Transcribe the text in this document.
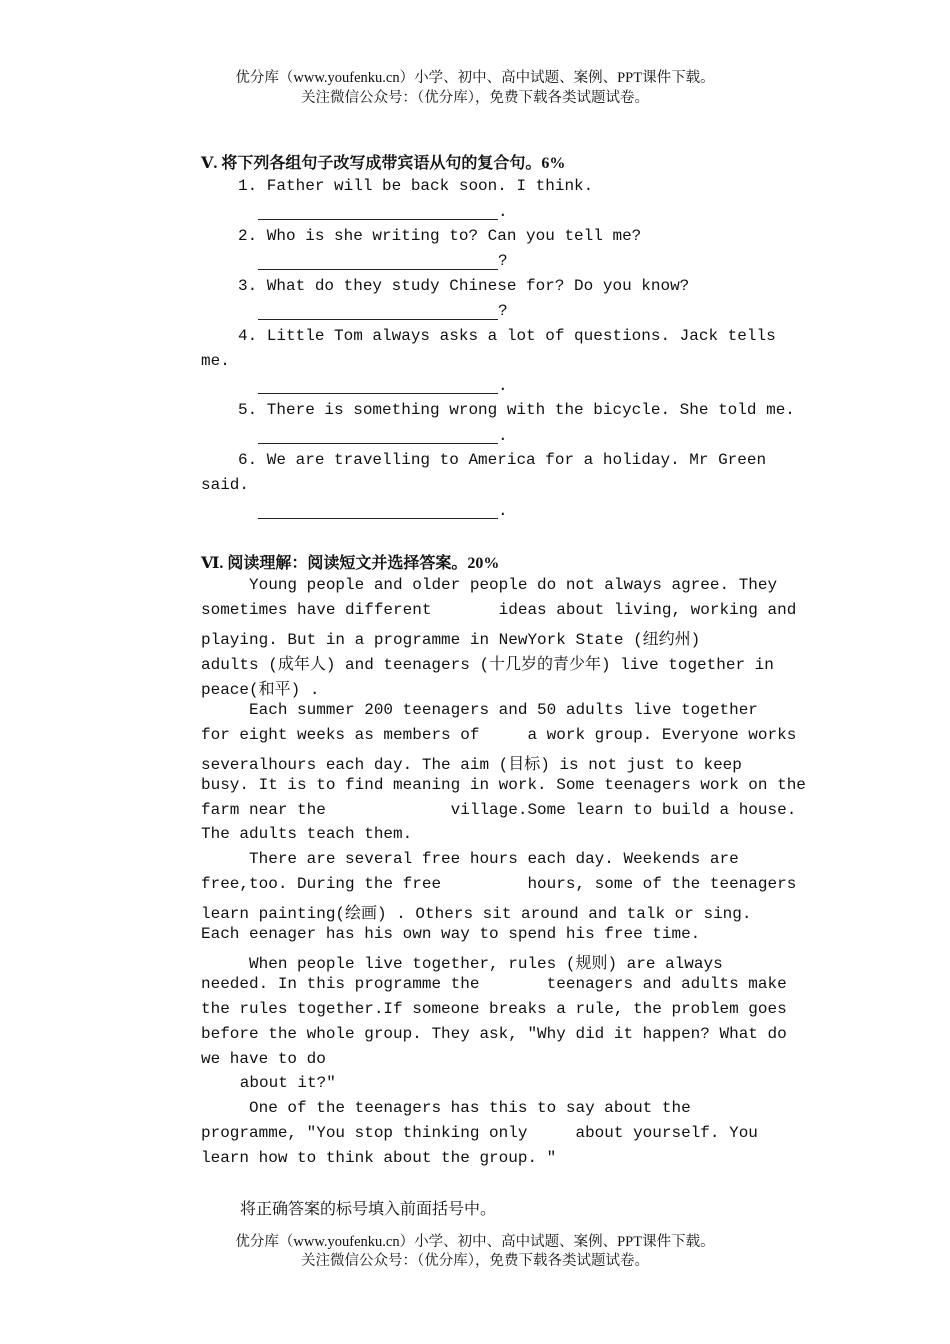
优分库（www.youfenku.cn）小学、初中、高中试题、案例、PPT课件下载。
关注微信公众号：（优分库），免费下载各类试题试卷。
Ⅴ. 将下列各组句子改写成带宾语从句的复合句。6%
1. Father will be back soon. I think.
.
2. Who is she writing to? Can you tell me?
?
3. What do they study Chinese for? Do you know?
?
4. Little Tom always asks a lot of questions. Jack tells
me.
.
5. There is something wrong with the bicycle. She told me.
.
6. We are travelling to America for a holiday. Mr Green
said.
.
Ⅵ. 阅读理解：阅读短文并选择答案。20%
Young people and older people do not always agree. They
sometimes have different       ideas about living, working and
playing. But in a programme in NewYork State (纽约州)
adults (成年人) and teenagers (十几岁的青少年) live together in
peace(和平) .
Each summer 200 teenagers and 50 adults live together
for eight weeks as members of     a work group. Everyone works
severalhours each day. The aim (目标) is not just to keep
busy. It is to find meaning in work. Some teenagers work on the
farm near the             village.Some learn to build a house.
The adults teach them.
There are several free hours each day. Weekends are
free,too. During the free         hours, some of the teenagers
learn painting(绘画) . Others sit around and talk or sing.
Each eenager has his own way to spend his free time.
When people live together, rules (规则) are always
needed. In this programme the       teenagers and adults make
the rules together.If someone breaks a rule, the problem goes
before the whole group. They ask, "Why did it happen? What do
we have to do
about it?"
One of the teenagers has this to say about the
programme, "You stop thinking only     about yourself. You
learn how to think about the group. "
将正确答案的标号填入前面括号中。
优分库（www.youfenku.cn）小学、初中、高中试题、案例、PPT课件下载。
关注微信公众号：（优分库），免费下载各类试题试卷。
